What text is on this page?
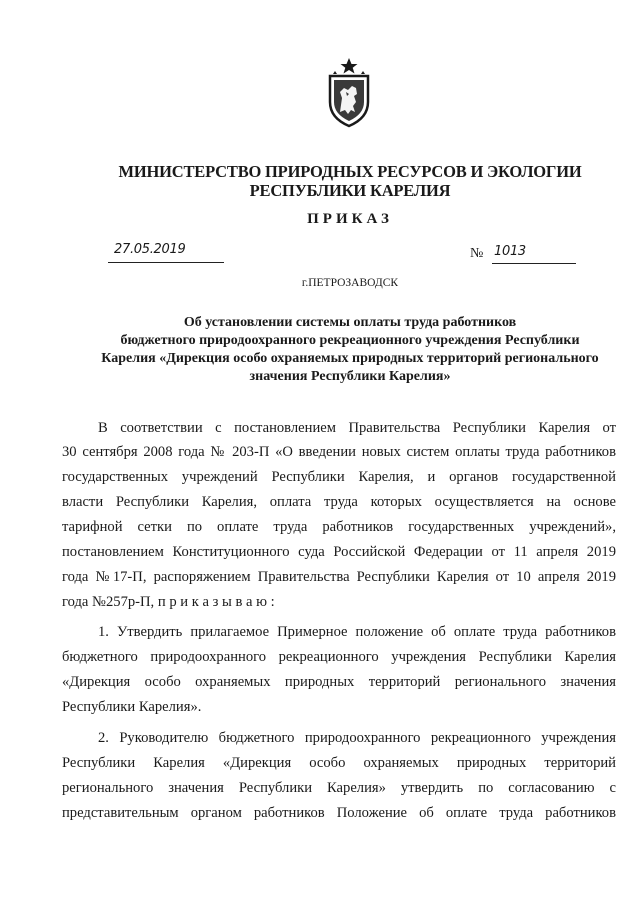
МИНИСТЕРСТВО ПРИРОДНЫХ РЕСУРСОВ И ЭКОЛОГИИ
РЕСПУБЛИКИ КАРЕЛИЯ
ПРИКАЗ
27.05.2019	№ 1013
г.ПЕТРОЗАВОДСК
Об установлении системы оплаты труда работников
бюджетного природоохранного рекреационного учреждения Республики
Карелия «Дирекция особо охраняемых природных территорий регионального
значения Республики Карелия»
В соответствии с постановлением Правительства Республики Карелия от
30 сентября 2008 года № 203-П «О введении новых систем оплаты труда работников
государственных учреждений Республики Карелия, и органов государственной
власти Республики Карелия, оплата труда которых осуществляется на основе
тарифной сетки по оплате труда работников государственных учреждений»,
постановлением Конституционного суда Российской Федерации от 11 апреля 2019
года №17-П, распоряжением Правительства Республики Карелия от 10 апреля 2019
года №257р-П, п р и к а з ы в а ю :
1. Утвердить прилагаемое Примерное положение об оплате труда работников
бюджетного природоохранного рекреационного учреждения Республики Карелия
«Дирекция особо охраняемых природных территорий регионального значения
Республики Карелия».
2. Руководителю бюджетного природоохранного рекреационного учреждения
Республики Карелия «Дирекция особо охраняемых природных территорий
регионального значения Республики Карелия» утвердить по согласованию с
представительным органом работников Положение об оплате труда работников
